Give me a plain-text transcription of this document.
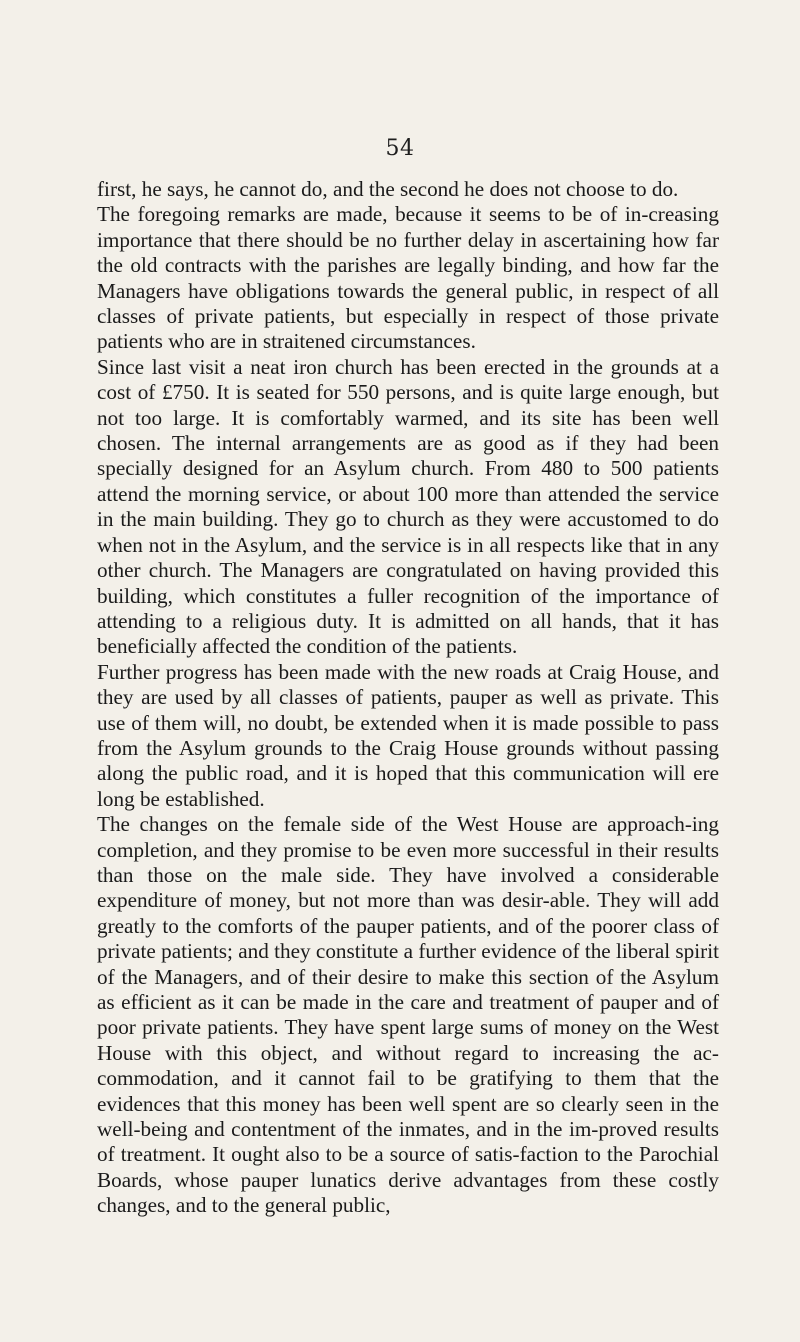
54

first, he says, he cannot do, and the second he does not choose to do.

The foregoing remarks are made, because it seems to be of in-creasing importance that there should be no further delay in ascertaining how far the old contracts with the parishes are legally binding, and how far the Managers have obligations towards the general public, in respect of all classes of private patients, but especially in respect of those private patients who are in straitened circumstances.

Since last visit a neat iron church has been erected in the grounds at a cost of £750. It is seated for 550 persons, and is quite large enough, but not too large. It is comfortably warmed, and its site has been well chosen. The internal arrangements are as good as if they had been specially designed for an Asylum church. From 480 to 500 patients attend the morning service, or about 100 more than attended the service in the main building. They go to church as they were accustomed to do when not in the Asylum, and the service is in all respects like that in any other church. The Managers are congratulated on having provided this building, which constitutes a fuller recognition of the importance of attending to a religious duty. It is admitted on all hands, that it has beneficially affected the condition of the patients.

Further progress has been made with the new roads at Craig House, and they are used by all classes of patients, pauper as well as private. This use of them will, no doubt, be extended when it is made possible to pass from the Asylum grounds to the Craig House grounds without passing along the public road, and it is hoped that this communication will ere long be established.

The changes on the female side of the West House are approach-ing completion, and they promise to be even more successful in their results than those on the male side. They have involved a considerable expenditure of money, but not more than was desir-able. They will add greatly to the comforts of the pauper patients, and of the poorer class of private patients; and they constitute a further evidence of the liberal spirit of the Managers, and of their desire to make this section of the Asylum as efficient as it can be made in the care and treatment of pauper and of poor private patients. They have spent large sums of money on the West House with this object, and without regard to increasing the ac-commodation, and it cannot fail to be gratifying to them that the evidences that this money has been well spent are so clearly seen in the well-being and contentment of the inmates, and in the im-proved results of treatment. It ought also to be a source of satis-faction to the Parochial Boards, whose pauper lunatics derive advantages from these costly changes, and to the general public,
